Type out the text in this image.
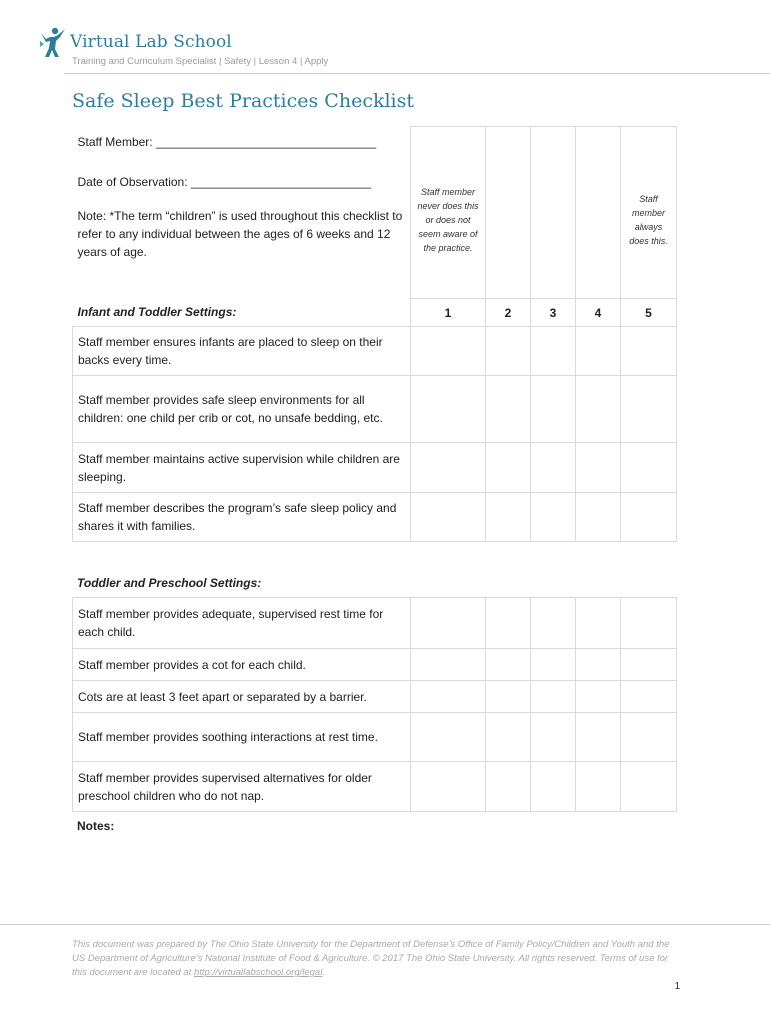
Virtual Lab School
Training and Curriculum Specialist | Safety | Lesson 4 | Apply
Safe Sleep Best Practices Checklist
Staff Member: _________________________________
Date of Observation: ___________________________
Note: *The term “children” is used throughout this checklist to refer to any individual between the ages of 6 weeks and 12 years of age.	Staff member never does this or does not seem aware of the practice.				Staff member always does this.

Infant and Toddler Settings:	1	2	3	4	5
Staff member ensures infants are placed to sleep on their backs every time.					
Staff member provides safe sleep environments for all children: one child per crib or cot, no unsafe bedding, etc.					
Staff member maintains active supervision while children are sleeping.					
Staff member describes the program’s safe sleep policy and shares it with families.					
Toddler and Preschool Settings:
Staff member provides adequate, supervised rest time for each child.					
Staff member provides a cot for each child.					
Cots are at least 3 feet apart or separated by a barrier.					
Staff member provides soothing interactions at rest time.					
Staff member provides supervised alternatives for older preschool children who do not nap.					
Notes:
This document was prepared by The Ohio State University for the Department of Defense’s Office of Family Policy/Children and Youth and the US Department of Agriculture’s National Institute of Food & Agriculture. © 2017 The Ohio State University. All rights reserved. Terms of use for this document are located at http://virtuallabschool.org/legal.
1
